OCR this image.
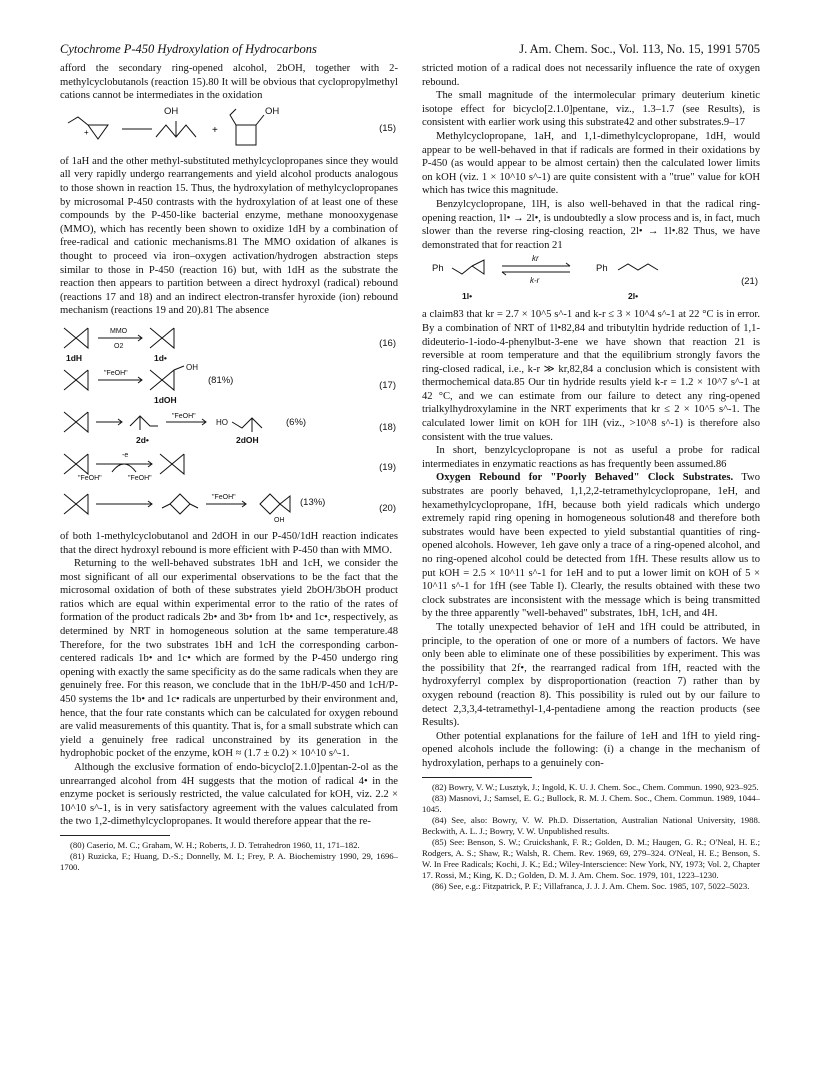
Cytochrome P-450 Hydroxylation of Hydrocarbons	J. Am. Chem. Soc., Vol. 113, No. 15, 1991 5705

afford the secondary ring-opened alcohol, 2bOH, together with 2-methylcyclobutanols (reaction 15).80 It will be obvious that cyclopropylmethyl cations cannot be intermediates in the oxidation

+	+
OH	OH
(15)

of 1aH and the other methyl-substituted methylcyclopropanes since they would all very rapidly undergo rearrangements and yield alcohol products analogous to those shown in reaction 15. Thus, the hydroxylation of methylcyclopropanes by microsomal P-450 contrasts with the hydroxylation of at least one of these compounds by the P-450-like bacterial enzyme, methane monooxygenase (MMO), which has recently been shown to oxidize 1dH by a combination of free-radical and cationic mechanisms.81 The MMO oxidation of alkanes is thought to proceed via iron–oxygen activation/hydrogen abstraction steps similar to those in P-450 (reaction 16) but, with 1dH as the substrate the reaction then appears to partition between a direct hydroxyl (radical) rebound (reactions 17 and 18) and an indirect electron-transfer hyroxide (ion) rebound mechanism (reactions 19 and 20).81 The absence

MMO
O2
1dH	1d•
(16)
"FeOH"
OH
(81%)
1dOH
(17)
"FeOH"
HO	(6%)
2d•	2dOH
(18)
-e
"FeOH"	"FeOH"
(19)
"FeOH"	(13%)
OH
(20)

of both 1-methylcyclobutanol and 2dOH in our P-450/1dH reaction indicates that the direct hydroxyl rebound is more efficient with P-450 than with MMO.

Returning to the well-behaved substrates 1bH and 1cH, we consider the most significant of all our experimental observations to be the fact that the microsomal oxidation of both of these substrates yield 2bOH/3bOH product ratios which are equal within experimental error to the ratio of the rates of formation of the product radicals 2b• and 3b• from 1b• and 1c•, respectively, as determined by NRT in homogeneous solution at the same temperature.48 Therefore, for the two substrates 1bH and 1cH the corresponding carbon-centered radicals 1b• and 1c• which are formed by the P-450 undergo ring opening with exactly the same specificity as do the same radicals when they are genuinely free. For this reason, we conclude that in the 1bH/P-450 and 1cH/P-450 systems the 1b• and 1c• radicals are unperturbed by their environment and, hence, that the four rate constants which can be calculated for oxygen rebound are valid measurements of this quantity. That is, for a small substrate which can yield a genuinely free radical unconstrained by its generation in the hydrophobic pocket of the enzyme, kOH ≈ (1.7 ± 0.2) × 10^10 s^-1.

Although the exclusive formation of endo-bicyclo[2.1.0]pentan-2-ol as the unrearranged alcohol from 4H suggests that the motion of radical 4• in the enzyme pocket is seriously restricted, the value calculated for kOH, viz. 2.2 × 10^10 s^-1, is in very satisfactory agreement with the values calculated from the two 1,2-dimethylcyclopropanes. It would therefore appear that the re-

(80) Caserio, M. C.; Graham, W. H.; Roberts, J. D. Tetrahedron 1960, 11, 171–182.

(81) Ruzicka, F.; Huang, D.-S.; Donnelly, M. I.; Frey, P. A. Biochemistry 1990, 29, 1696–1700.

stricted motion of a radical does not necessarily influence the rate of oxygen rebound.

The small magnitude of the intermolecular primary deuterium kinetic isotope effect for bicyclo[2.1.0]pentane, viz., 1.3–1.7 (see Results), is consistent with earlier work using this substrate42 and other substrates.9–17

Methylcyclopropane, 1aH, and 1,1-dimethylcyclopropane, 1dH, would appear to be well-behaved in that if radicals are formed in their oxidations by P-450 (as would appear to be almost certain) then the calculated lower limits on kOH (viz. 1 × 10^10 s^-1) are quite consistent with a "true" value for kOH which has twice this magnitude.

Benzylcyclopropane, 1lH, is also well-behaved in that the radical ring-opening reaction, 1l• → 2l•, is undoubtedly a slow process and is, in fact, much slower than the reverse ring-closing reaction, 2l• → 1l•.82 Thus, we have demonstrated that for reaction 21

Ph	Ph
kr
k-r
1l•	2l•
(21)

a claim83 that kr = 2.7 × 10^5 s^-1 and k-r ≤ 3 × 10^4 s^-1 at 22 °C is in error. By a combination of NRT of 1l•82,84 and tributyltin hydride reduction of 1,1-dideuterio-1-iodo-4-phenylbut-3-ene we have shown that reaction 21 is reversible at room temperature and that the equilibrium strongly favors the ring-closed radical, i.e., k-r ≫ kr,82,84 a conclusion which is consistent with thermochemical data.85 Our tin hydride results yield k-r = 1.2 × 10^7 s^-1 at 42 °C, and we can estimate from our failure to detect any ring-opened trialkylhydroxylamine in the NRT experiments that kr ≤ 2 × 10^5 s^-1. The calculated lower limit on kOH for 1lH (viz., >10^8 s^-1) is therefore also consistent with the true values.

In short, benzylcyclopropane is not as useful a probe for radical intermediates in enzymatic reactions as has frequently been assumed.86

Oxygen Rebound for "Poorly Behaved" Clock Substrates. Two substrates are poorly behaved, 1,1,2,2-tetramethylcyclopropane, 1eH, and hexamethylcyclopropane, 1fH, because both yield radicals which undergo extremely rapid ring opening in homogeneous solution48 and therefore both substrates would have been expected to yield substantial quantities of ring-opened alcohols. However, 1eh gave only a trace of a ring-opened alcohol, and no ring-opened alcohol could be detected from 1fH. These results allow us to put kOH = 2.5 × 10^11 s^-1 for 1eH and to put a lower limit on kOH of 5 × 10^11 s^-1 for 1fH (see Table I). Clearly, the results obtained with these two clock substrates are inconsistent with the message which is being transmitted by the three apparently "well-behaved" substrates, 1bH, 1cH, and 4H.

The totally unexpected behavior of 1eH and 1fH could be attributed, in principle, to the operation of one or more of a numbers of factors. We have only been able to eliminate one of these possibilities by experiment. This was the possibility that 2f•, the rearranged radical from 1fH, reacted with the hydroxyferryl complex by disproportionation (reaction 7) rather than by oxygen rebound (reaction 8). This possibility is ruled out by our failure to detect 2,3,3,4-tetramethyl-1,4-pentadiene among the reaction products (see Results).

Other potential explanations for the failure of 1eH and 1fH to yield ring-opened alcohols include the following: (i) a change in the mechanism of hydroxylation, perhaps to a genuinely con-

(82) Bowry, V. W.; Lusztyk, J.; Ingold, K. U. J. Chem. Soc., Chem. Commun. 1990, 923–925.

(83) Masnovi, J.; Samsel, E. G.; Bullock, R. M. J. Chem. Soc., Chem. Commun. 1989, 1044–1045.

(84) See, also: Bowry, V. W. Ph.D. Dissertation, Australian National University, 1988. Beckwith, A. L. J.; Bowry, V. W. Unpublished results.

(85) See: Benson, S. W.; Cruickshank, F. R.; Golden, D. M.; Haugen, G. R.; O'Neal, H. E.; Rodgers, A. S.; Shaw, R.; Walsh, R. Chem. Rev. 1969, 69, 279–324. O'Neal, H. E.; Benson, S. W. In Free Radicals; Kochi, J. K.; Ed.; Wiley-Interscience: New York, NY, 1973; Vol. 2, Chapter 17. Rossi, M.; King, K. D.; Golden, D. M. J. Am. Chem. Soc. 1979, 101, 1223–1230.

(86) See, e.g.: Fitzpatrick, P. F.; Villafranca, J. J. J. Am. Chem. Soc. 1985, 107, 5022–5023.
